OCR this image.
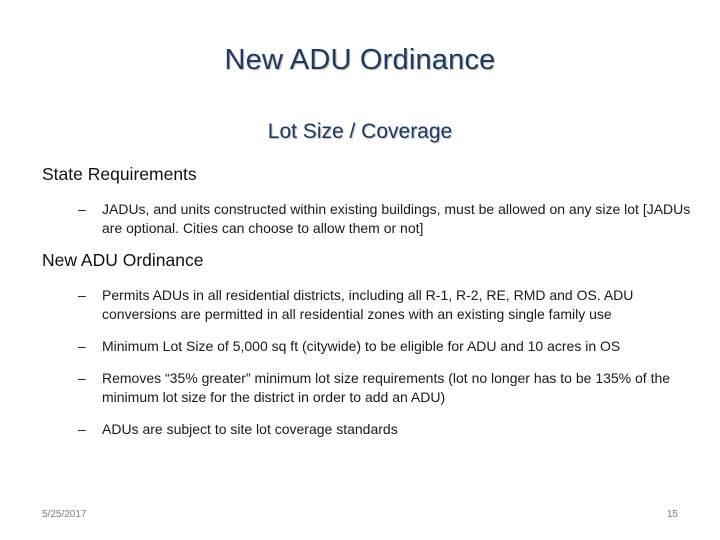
New ADU Ordinance
Lot Size / Coverage
State Requirements
– JADUs, and units constructed within existing buildings, must be allowed on any size lot [JADUs are optional. Cities can choose to allow them or not]
New ADU Ordinance
– Permits ADUs in all residential districts, including all R-1, R-2, RE, RMD and OS. ADU conversions are permitted in all residential zones with an existing single family use
– Minimum Lot Size of 5,000 sq ft (citywide) to be eligible for ADU and 10 acres in OS
– Removes “35% greater” minimum lot size requirements (lot no longer has to be 135% of the minimum lot size for the district in order to add an ADU)
– ADUs are subject to site lot coverage standards
5/25/2017	15
